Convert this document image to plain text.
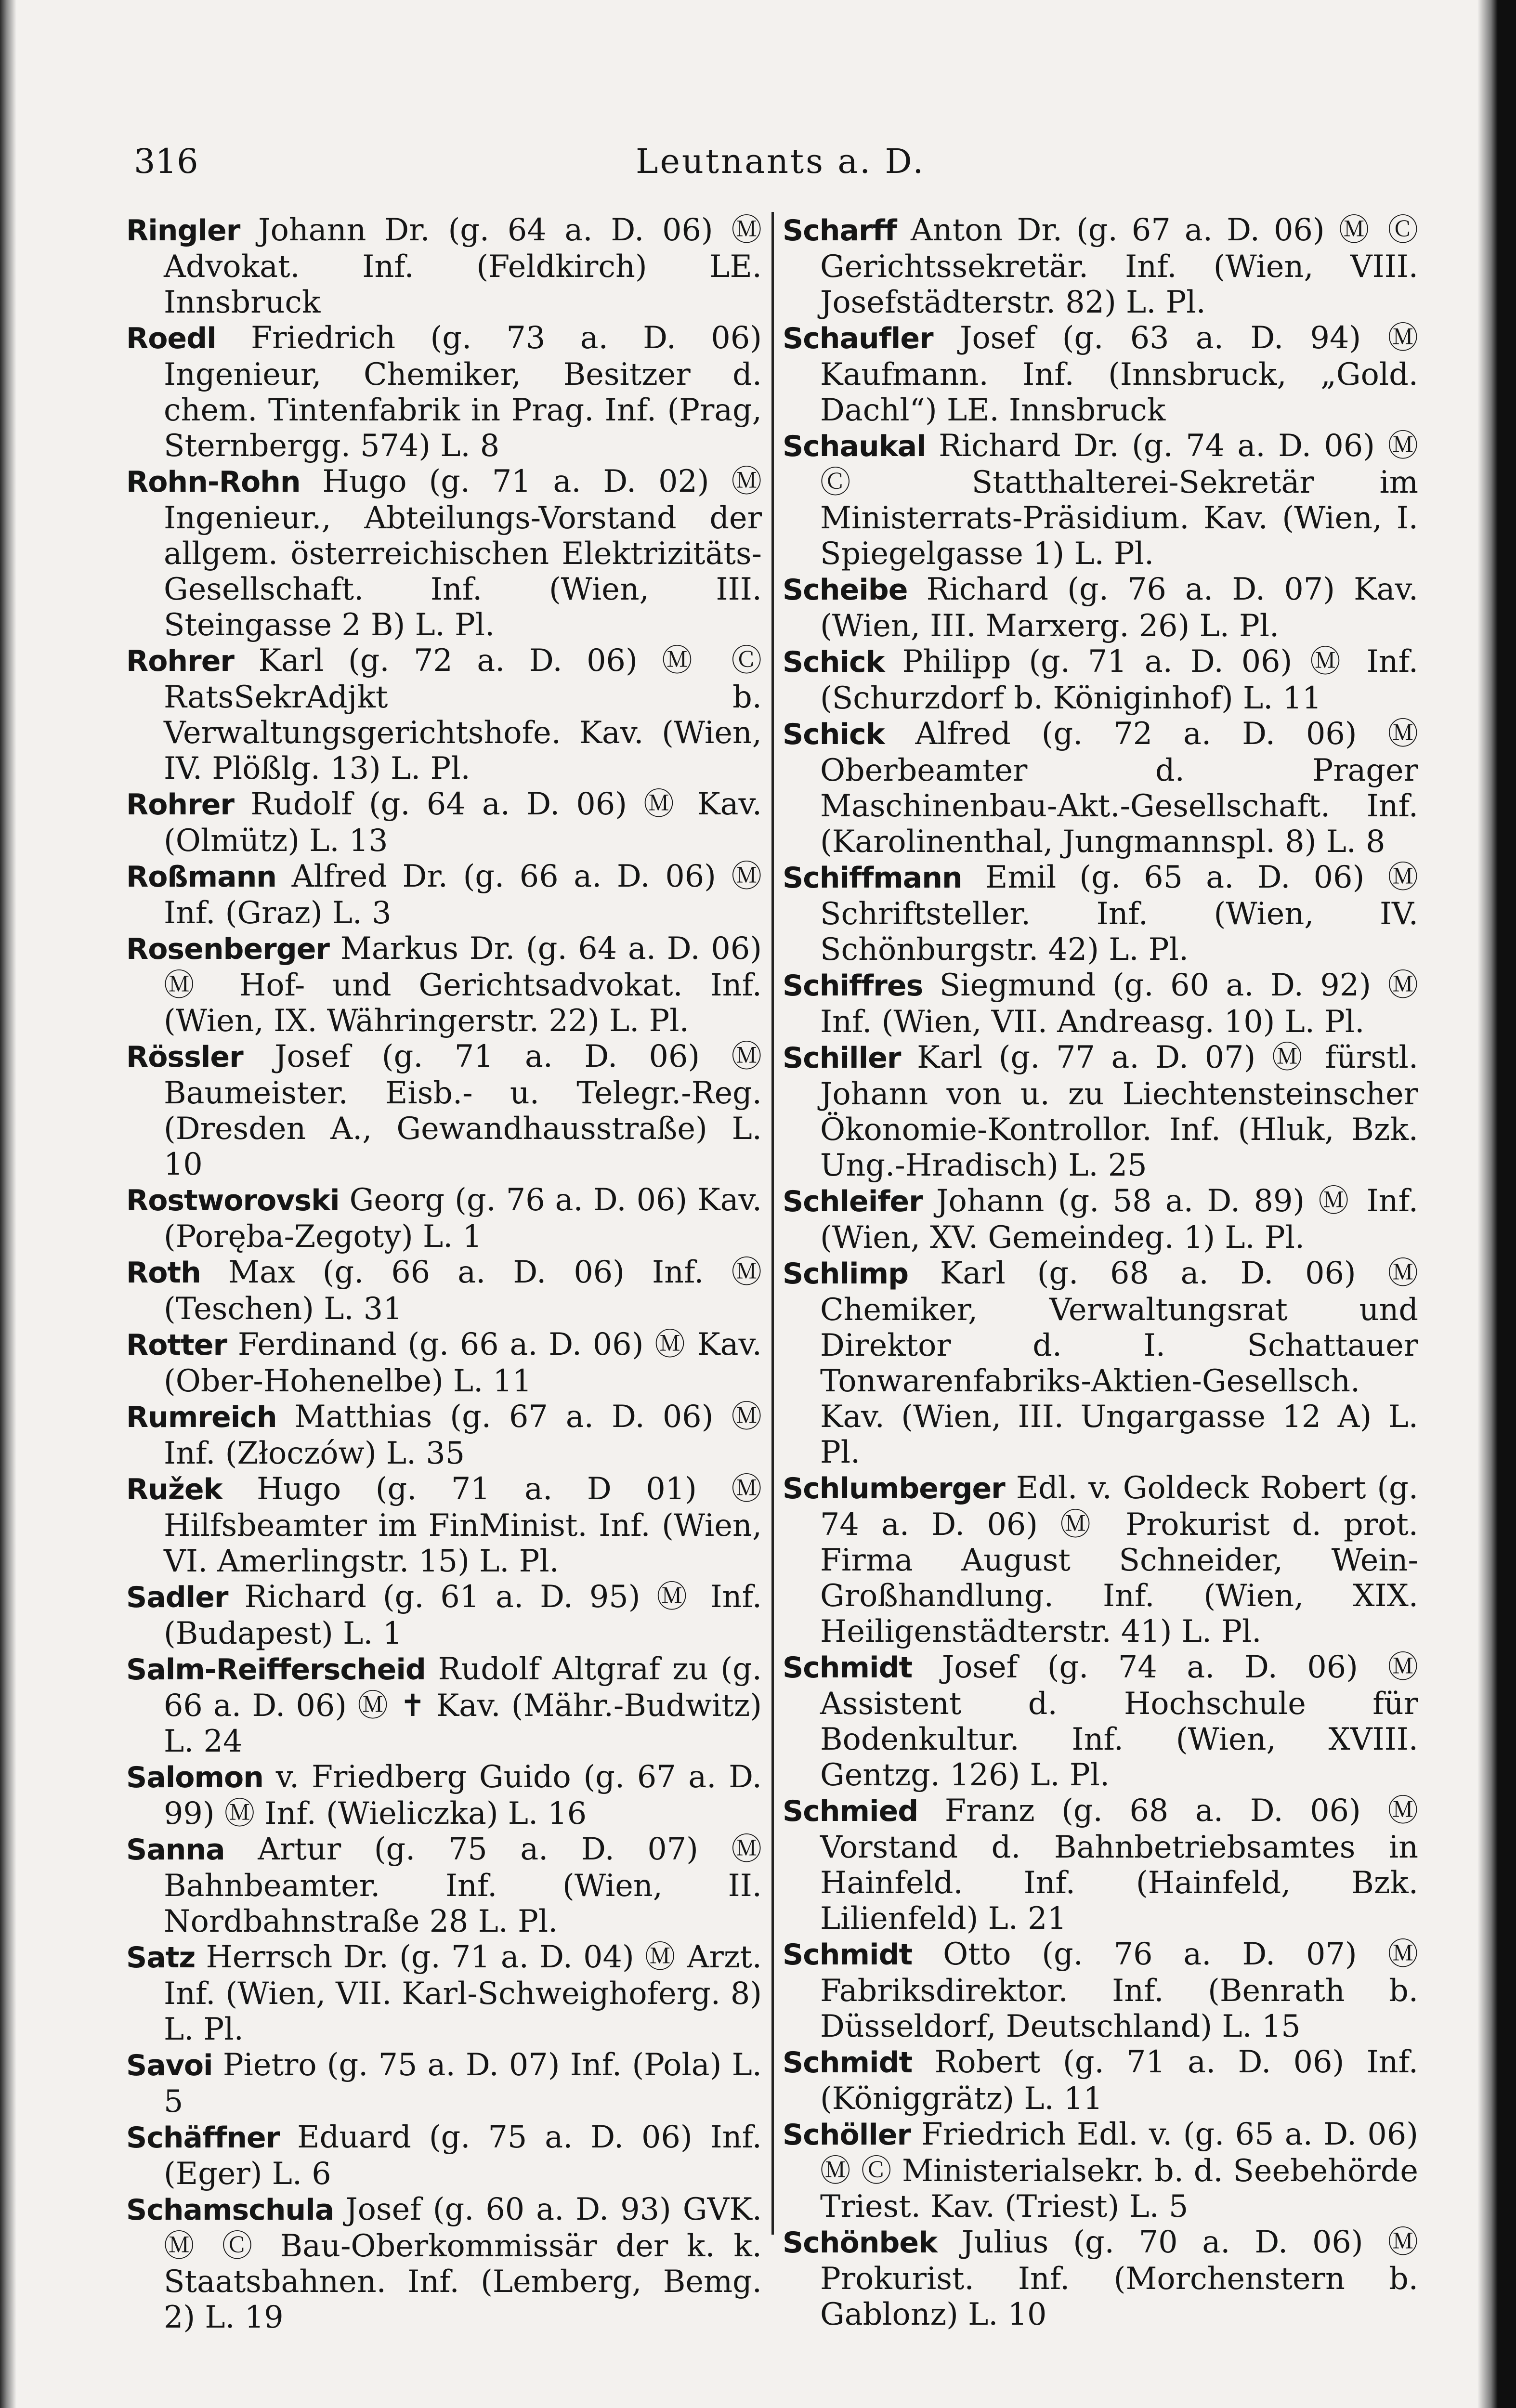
316	Leutnants a. D.

Ringler Johann Dr. (g. 64 a. D. 06) Ⓜ Advokat. Inf. (Feldkirch) LE. Innsbruck

Roedl Friedrich (g. 73 a. D. 06) Ingenieur, Chemiker, Besitzer d. chem. Tintenfabrik in Prag. Inf. (Prag, Sternbergg. 574) L. 8

Rohn-Rohn Hugo (g. 71 a. D. 02) Ⓜ Ingenieur., Abteilungs-Vorstand der allgem. österreichischen Elektrizitäts-Gesellschaft. Inf. (Wien, III. Steingasse 2 B) L. Pl.

Rohrer Karl (g. 72 a. D. 06) Ⓜ Ⓒ RatsSekrAdjkt b. Verwaltungsgerichtshofe. Kav. (Wien, IV. Plößlg. 13) L. Pl.

Rohrer Rudolf (g. 64 a. D. 06) Ⓜ Kav. (Olmütz) L. 13

Roßmann Alfred Dr. (g. 66 a. D. 06) Ⓜ Inf. (Graz) L. 3

Rosenberger Markus Dr. (g. 64 a. D. 06) Ⓜ Hof- und Gerichtsadvokat. Inf. (Wien, IX. Währingerstr. 22) L. Pl.

Rössler Josef (g. 71 a. D. 06) Ⓜ Baumeister. Eisb.- u. Telegr.-Reg. (Dresden A., Gewandhausstraße) L. 10

Rostworovski Georg (g. 76 a. D. 06) Kav. (Poręba-Zegoty) L. 1

Roth Max (g. 66 a. D. 06) Inf. Ⓜ (Teschen) L. 31

Rotter Ferdinand (g. 66 a. D. 06) Ⓜ Kav. (Ober-Hohenelbe) L. 11

Rumreich Matthias (g. 67 a. D. 06) Ⓜ Inf. (Złoczów) L. 35

Ružek Hugo (g. 71 a. D 01) Ⓜ Hilfsbeamter im FinMinist. Inf. (Wien, VI. Amerlingstr. 15) L. Pl.

Sadler Richard (g. 61 a. D. 95) Ⓜ Inf. (Budapest) L. 1

Salm-Reifferscheid Rudolf Altgraf zu (g. 66 a. D. 06) Ⓜ ✝ Kav. (Mähr.-Budwitz) L. 24

Salomon v. Friedberg Guido (g. 67 a. D. 99) Ⓜ Inf. (Wieliczka) L. 16

Sanna Artur (g. 75 a. D. 07) Ⓜ Bahnbeamter. Inf. (Wien, II. Nordbahnstraße 28 L. Pl.

Satz Herrsch Dr. (g. 71 a. D. 04) Ⓜ Arzt. Inf. (Wien, VII. Karl-Schweighoferg. 8) L. Pl.

Savoi Pietro (g. 75 a. D. 07) Inf. (Pola) L. 5

Schäffner Eduard (g. 75 a. D. 06) Inf. (Eger) L. 6

Schamschula Josef (g. 60 a. D. 93) GVK. Ⓜ Ⓒ Bau-Oberkommissär der k. k. Staatsbahnen. Inf. (Lemberg, Bemg. 2) L. 19

Scharff Anton Dr. (g. 67 a. D. 06) Ⓜ Ⓒ Gerichtssekretär. Inf. (Wien, VIII. Josefstädterstr. 82) L. Pl.

Schaufler Josef (g. 63 a. D. 94) Ⓜ Kaufmann. Inf. (Innsbruck, „Gold. Dachl“) LE. Innsbruck

Schaukal Richard Dr. (g. 74 a. D. 06) Ⓜ Ⓒ Statthalterei-Sekretär im Ministerrats-Präsidium. Kav. (Wien, I. Spiegelgasse 1) L. Pl.

Scheibe Richard (g. 76 a. D. 07) Kav. (Wien, III. Marxerg. 26) L. Pl.

Schick Philipp (g. 71 a. D. 06) Ⓜ Inf. (Schurzdorf b. Königinhof) L. 11

Schick Alfred (g. 72 a. D. 06) Ⓜ Oberbeamter d. Prager Maschinenbau-Akt.-Gesellschaft. Inf. (Karolinenthal, Jungmannspl. 8) L. 8

Schiffmann Emil (g. 65 a. D. 06) Ⓜ Schriftsteller. Inf. (Wien, IV. Schönburgstr. 42) L. Pl.

Schiffres Siegmund (g. 60 a. D. 92) Ⓜ Inf. (Wien, VII. Andreasg. 10) L. Pl.

Schiller Karl (g. 77 a. D. 07) Ⓜ fürstl. Johann von u. zu Liechtensteinscher Ökonomie-Kontrollor. Inf. (Hluk, Bzk. Ung.-Hradisch) L. 25

Schleifer Johann (g. 58 a. D. 89) Ⓜ Inf. (Wien, XV. Gemeindeg. 1) L. Pl.

Schlimp Karl (g. 68 a. D. 06) Ⓜ Chemiker, Verwaltungsrat und Direktor d. I. Schattauer Tonwarenfabriks-Aktien-Gesellsch. Kav. (Wien, III. Ungargasse 12 A) L. Pl.

Schlumberger Edl. v. Goldeck Robert (g. 74 a. D. 06) Ⓜ Prokurist d. prot. Firma August Schneider, Wein-Großhandlung. Inf. (Wien, XIX. Heiligenstädterstr. 41) L. Pl.

Schmidt Josef (g. 74 a. D. 06) Ⓜ Assistent d. Hochschule für Bodenkultur. Inf. (Wien, XVIII. Gentzg. 126) L. Pl.

Schmied Franz (g. 68 a. D. 06) Ⓜ Vorstand d. Bahnbetriebsamtes in Hainfeld. Inf. (Hainfeld, Bzk. Lilienfeld) L. 21

Schmidt Otto (g. 76 a. D. 07) Ⓜ Fabriksdirektor. Inf. (Benrath b. Düsseldorf, Deutschland) L. 15

Schmidt Robert (g. 71 a. D. 06) Inf. (Königgrätz) L. 11

Schöller Friedrich Edl. v. (g. 65 a. D. 06) Ⓜ Ⓒ Ministerialsekr. b. d. Seebehörde Triest. Kav. (Triest) L. 5

Schönbek Julius (g. 70 a. D. 06) Ⓜ Prokurist. Inf. (Morchenstern b. Gablonz) L. 10
